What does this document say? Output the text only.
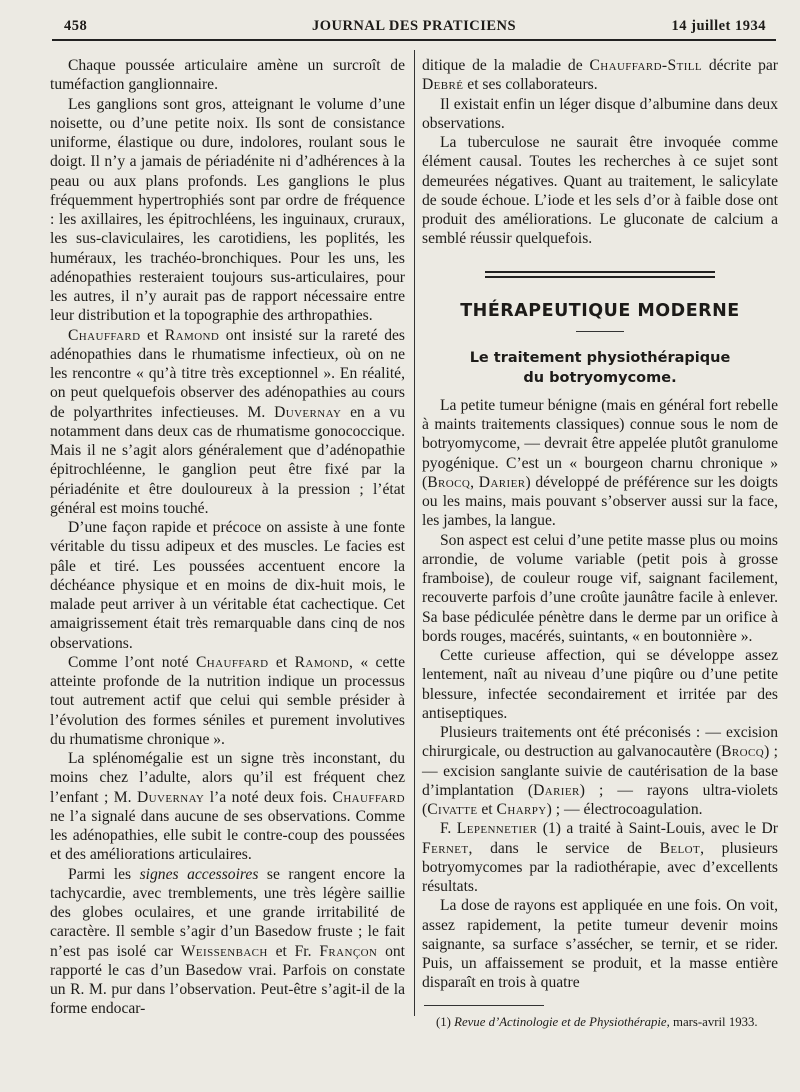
458	JOURNAL DES PRATICIENS	14 juillet 1934

Chaque poussée articulaire amène un surcroît de tuméfaction ganglionnaire.

Les ganglions sont gros, atteignant le volume d’une noisette, ou d’une petite noix. Ils sont de consistance uniforme, élastique ou dure, indolores, roulant sous le doigt. Il n’y a jamais de périadénite ni d’adhérences à la peau ou aux plans profonds. Les ganglions le plus fréquemment hypertrophiés sont par ordre de fréquence : les axillaires, les épitrochléens, les inguinaux, cruraux, les sus-claviculaires, les carotidiens, les poplités, les huméraux, les trachéo-bronchiques. Pour les uns, les adénopathies resteraient toujours sus-articulaires, pour les autres, il n’y aurait pas de rapport nécessaire entre leur distribution et la topographie des arthropathies.

Chauffard et Ramond ont insisté sur la rareté des adénopathies dans le rhumatisme infectieux, où on ne les rencontre « qu’à titre très exceptionnel ». En réalité, on peut quelquefois observer des adénopathies au cours de polyarthrites infectieuses. M. Duvernay en a vu notamment dans deux cas de rhumatisme gonococcique. Mais il ne s’agit alors généralement que d’adénopathie épitrochléenne, le ganglion peut être fixé par la périadénite et être douloureux à la pression ; l’état général est moins touché.

D’une façon rapide et précoce on assiste à une fonte véritable du tissu adipeux et des muscles. Le facies est pâle et tiré. Les poussées accentuent encore la déchéance physique et en moins de dix-huit mois, le malade peut arriver à un véritable état cachectique. Cet amaigrissement était très remarquable dans cinq de nos observations.

Comme l’ont noté Chauffard et Ramond, « cette atteinte profonde de la nutrition indique un processus tout autrement actif que celui qui semble présider à l’évolution des formes séniles et purement involutives du rhumatisme chronique ».

La splénomégalie est un signe très inconstant, du moins chez l’adulte, alors qu’il est fréquent chez l’enfant ; M. Duvernay l’a noté deux fois. Chauffard ne l’a signalé dans aucune de ses observations. Comme les adénopathies, elle subit le contre-coup des poussées et des améliorations articulaires.

Parmi les signes accessoires se rangent encore la tachycardie, avec tremblements, une très légère saillie des globes oculaires, et une grande irritabilité de caractère. Il semble s’agir d’un Basedow fruste ; le fait n’est pas isolé car Weissenbach et Fr. Françon ont rapporté le cas d’un Basedow vrai. Parfois on constate un R. M. pur dans l’observation. Peut-être s’agit-il de la forme endocar-

ditique de la maladie de Chauffard-Still décrite par Debré et ses collaborateurs.

Il existait enfin un léger disque d’albumine dans deux observations.

La tuberculose ne saurait être invoquée comme élément causal. Toutes les recherches à ce sujet sont demeurées négatives. Quant au traitement, le salicylate de soude échoue. L’iode et les sels d’or à faible dose ont produit des améliorations. Le gluconate de calcium a semblé réussir quelquefois.

THÉRAPEUTIQUE MODERNE
Le traitement physiothérapique
du botryomycome.

La petite tumeur bénigne (mais en général fort rebelle à maints traitements classiques) connue sous le nom de botryomycome, — devrait être appelée plutôt granulome pyogénique. C’est un « bourgeon charnu chronique » (Brocq, Darier) développé de préférence sur les doigts ou les mains, mais pouvant s’observer aussi sur la face, les jambes, la langue.

Son aspect est celui d’une petite masse plus ou moins arrondie, de volume variable (petit pois à grosse framboise), de couleur rouge vif, saignant facilement, recouverte parfois d’une croûte jaunâtre facile à enlever. Sa base pédiculée pénètre dans le derme par un orifice à bords rouges, macérés, suintants, « en boutonnière ».

Cette curieuse affection, qui se développe assez lentement, naît au niveau d’une piqûre ou d’une petite blessure, infectée secondairement et irritée par des antiseptiques.

Plusieurs traitements ont été préconisés : — excision chirurgicale, ou destruction au galvanocautère (Brocq) ; — excision sanglante suivie de cautérisation de la base d’implantation (Darier) ; — rayons ultra-violets (Civatte et Charpy) ; — électrocoagulation.

F. Lepennetier (1) a traité à Saint-Louis, avec le Dr Fernet, dans le service de Belot, plusieurs botryomycomes par la radiothérapie, avec d’excellents résultats.

La dose de rayons est appliquée en une fois. On voit, assez rapidement, la petite tumeur devenir moins saignante, sa surface s’assécher, se ternir, et se rider. Puis, un affaissement se produit, et la masse entière disparaît en trois à quatre

(1) Revue d’Actinologie et de Physiothérapie, mars-avril 1933.
